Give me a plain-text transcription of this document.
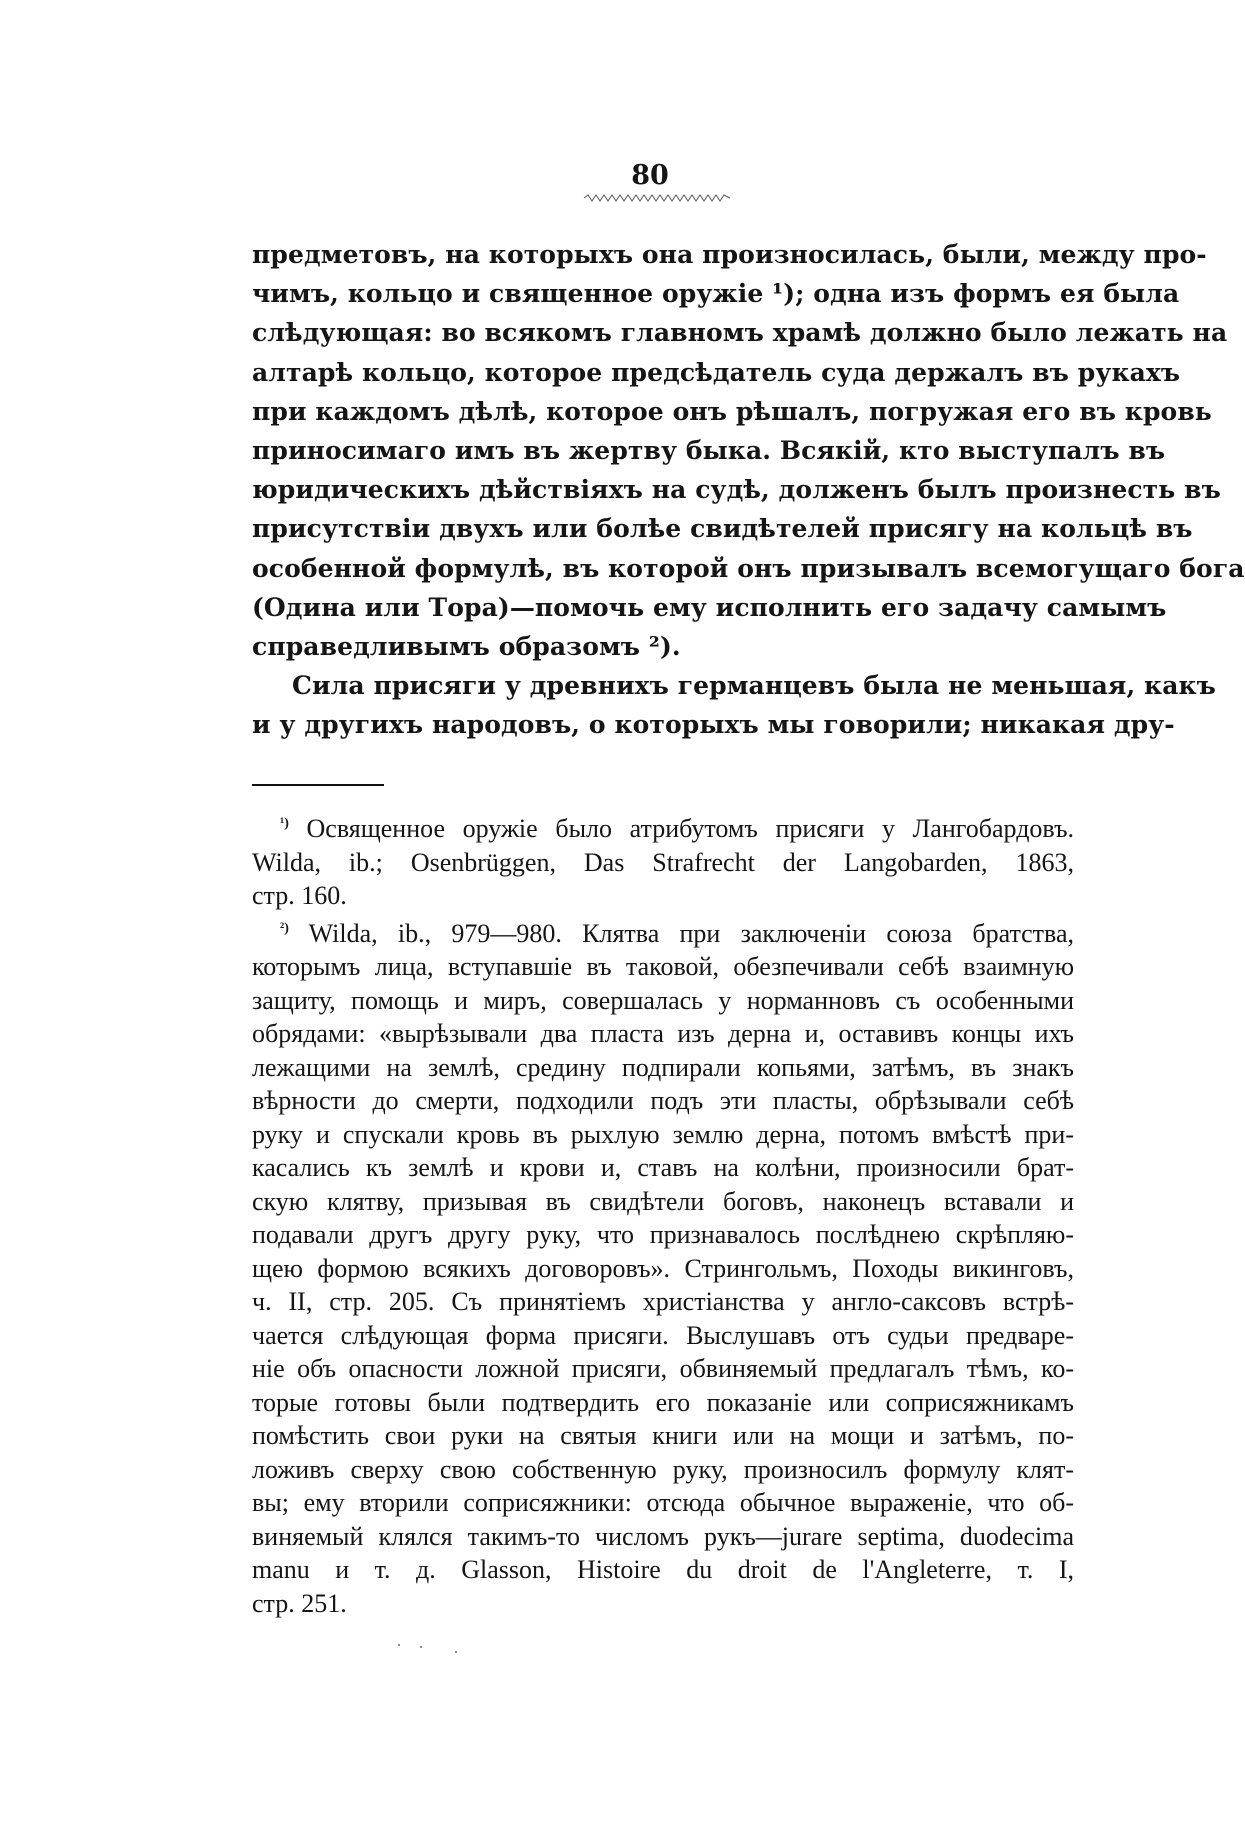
80
предметовъ, на которыхъ она произносилась, были, между про-
чимъ, кольцо и священное оружіе ¹); одна изъ формъ ея была
слѣдующая: во всякомъ главномъ храмѣ должно было лежать на
алтарѣ кольцо, которое предсѣдатель суда держалъ въ рукахъ
при каждомъ дѣлѣ, которое онъ рѣшалъ, погружая его въ кровь
приносимаго имъ въ жертву быка. Всякій, кто выступалъ въ
юридическихъ дѣйствіяхъ на судѣ, долженъ былъ произнесть въ
присутствіи двухъ или болѣе свидѣтелей присягу на кольцѣ въ
особенной формулѣ, въ которой онъ призывалъ всемогущаго бога
(Одина или Тора)—помочь ему исполнить его задачу самымъ
справедливымъ образомъ ²).
Сила присяги у древнихъ германцевъ была не меньшая, какъ
и у другихъ народовъ, о которыхъ мы говорили; никакая дру-
$^{^1)}$ Освященное оружіе было атрибутомъ присяги у Лангобардовъ.
Wilda, ib.; Osenbrüggen, Das Strafrecht der Langobarden, 1863,
стр. 160.
$^{^2)}$ Wilda, ib., 979—980. Клятва при заключеніи союза братства,
которымъ лица, вступавшіе въ таковой, обезпечивали себѣ взаимную
защиту, помощь и миръ, совершалась у норманновъ съ особенными
обрядами: «вырѣзывали два пласта изъ дерна и, оставивъ концы ихъ
лежащими на землѣ, средину подпирали копьями, затѣмъ, въ знакъ
вѣрности до смерти, подходили подъ эти пласты, обрѣзывали себѣ
руку и спускали кровь въ рыхлую землю дерна, потомъ вмѣстѣ при-
касались къ землѣ и крови и, ставъ на колѣни, произносили брат-
скую клятву, призывая въ свидѣтели боговъ, наконецъ вставали и
подавали другъ другу руку, что признавалось послѣднею скрѣпляю-
щею формою всякихъ договоровъ». Стрингольмъ, Походы викинговъ,
ч. II, стр. 205. Съ принятіемъ христіанства у англо-саксовъ встрѣ-
чается слѣдующая форма присяги. Выслушавъ отъ судьи предваре-
ніе объ опасности ложной присяги, обвиняемый предлагалъ тѣмъ, ко-
торые готовы были подтвердить его показаніе или соприсяжникамъ
помѣстить свои руки на святыя книги или на мощи и затѣмъ, по-
ложивъ сверху свою собственную руку, произносилъ формулу клят-
вы; ему вторили соприсяжники: отсюда обычное выраженіе, что об-
виняемый клялся такимъ-то числомъ рукъ—jurare septima, duodecima
manu и т. д. Glasson, Histoire du droit de l'Angleterre, т. I,
стр. 251.
